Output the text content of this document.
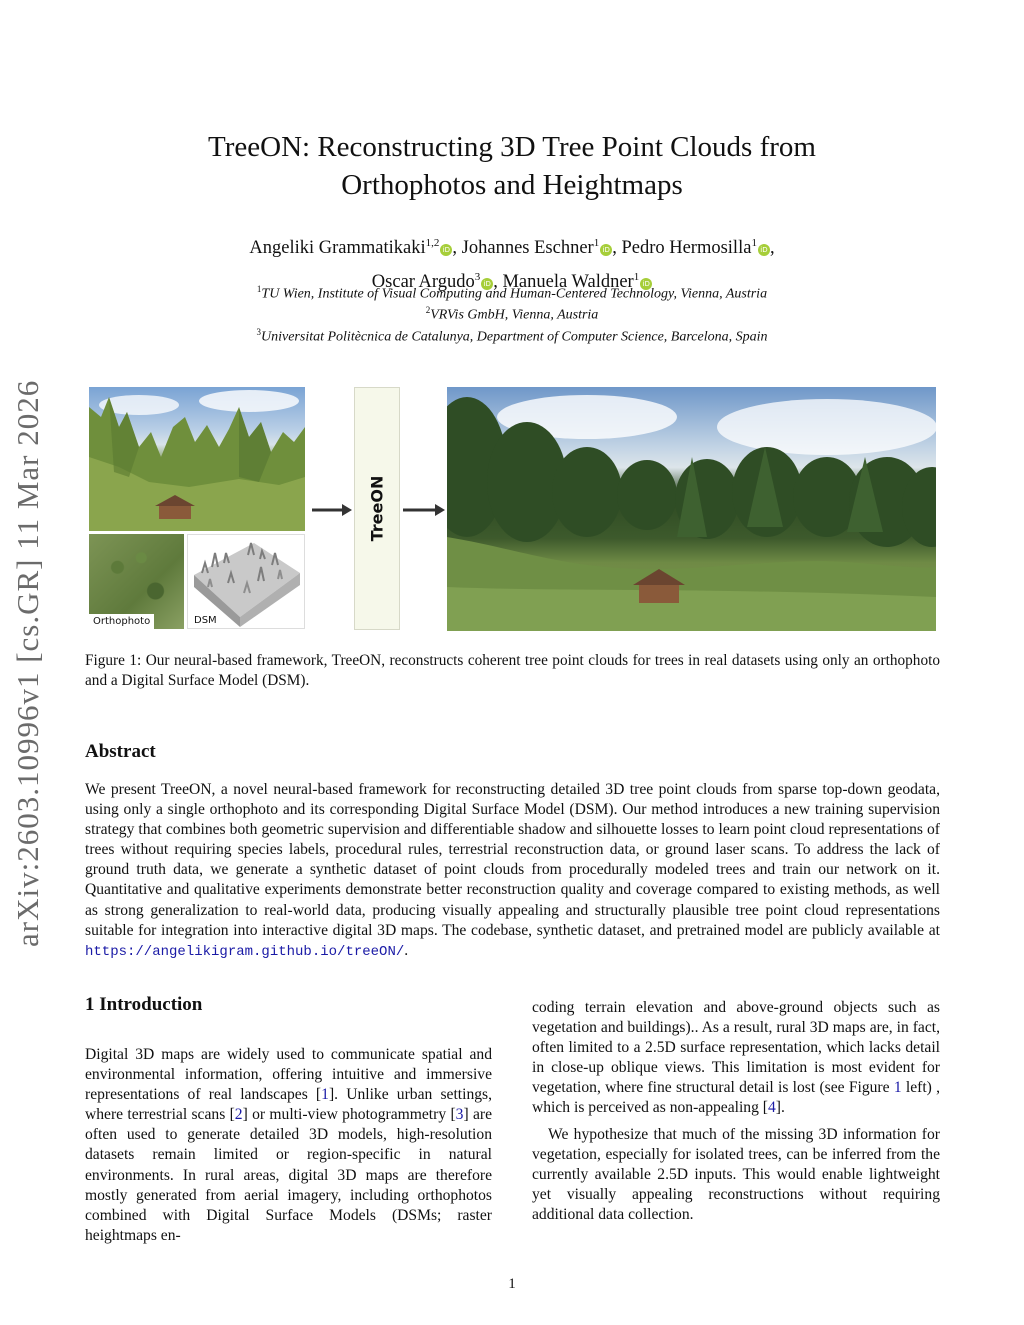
arXiv:2603.10996v1 [cs.GR] 11 Mar 2026
TreeON: Reconstructing 3D Tree Point Clouds from
Orthophotos and Heightmaps
Angeliki Grammatikaki$^{1,2}$iD , Johannes Eschner$^1$iD , Pedro Hermosilla$^1$iD ,
Oscar Argudo$^3$iD , Manuela Waldner$^1$iD
$^1$TU Wien, Institute of Visual Computing and Human-Centered Technology, Vienna, Austria
$^2$VRVis GmbH, Vienna, Austria
$^3$Universitat Politècnica de Catalunya, Department of Computer Science, Barcelona, Spain
Orthophoto	DSM
TreeON
Figure 1: Our neural-based framework, TreeON, reconstructs coherent tree point clouds for trees in real datasets using only an orthophoto and a Digital Surface Model (DSM).
Abstract
We present TreeON, a novel neural-based framework for reconstructing detailed 3D tree point clouds from sparse top-down geodata, using only a single orthophoto and its corresponding Digital Surface Model (DSM). Our method introduces a new training supervision strategy that combines both geometric supervision and differentiable shadow and silhouette losses to learn point cloud representations of trees without requiring species labels, procedural rules, terrestrial reconstruction data, or ground laser scans. To address the lack of ground truth data, we generate a synthetic dataset of point clouds from procedurally modeled trees and train our network on it. Quantitative and qualitative experiments demonstrate better reconstruction quality and coverage compared to existing methods, as well as strong generalization to real-world data, producing visually appealing and structurally plausible tree point cloud representations suitable for integration into interactive digital 3D maps. The codebase, synthetic dataset, and pretrained model are publicly available at https://angelikigram.github.io/treeON/.
1 Introduction
Digital 3D maps are widely used to communicate spatial and environmental information, offering intuitive and immersive representations of real landscapes [1]. Unlike urban settings, where terrestrial scans [2] or multi-view photogrammetry [3] are often used to generate detailed 3D models, high-resolution datasets remain limited or region-specific in natural environments. In rural areas, digital 3D maps are therefore mostly generated from aerial imagery, including orthophotos combined with Digital Surface Models (DSMs; raster heightmaps en-
coding terrain elevation and above-ground objects such as vegetation and buildings).. As a result, rural 3D maps are, in fact, often limited to a 2.5D surface representation, which lacks detail in close-up oblique views. This limitation is most evident for vegetation, where fine structural detail is lost (see Figure 1 left) , which is perceived as non-appealing [4].
We hypothesize that much of the missing 3D information for vegetation, especially for isolated trees, can be inferred from the currently available 2.5D inputs. This would enable lightweight yet visually appealing reconstructions without requiring additional data collection.
1
